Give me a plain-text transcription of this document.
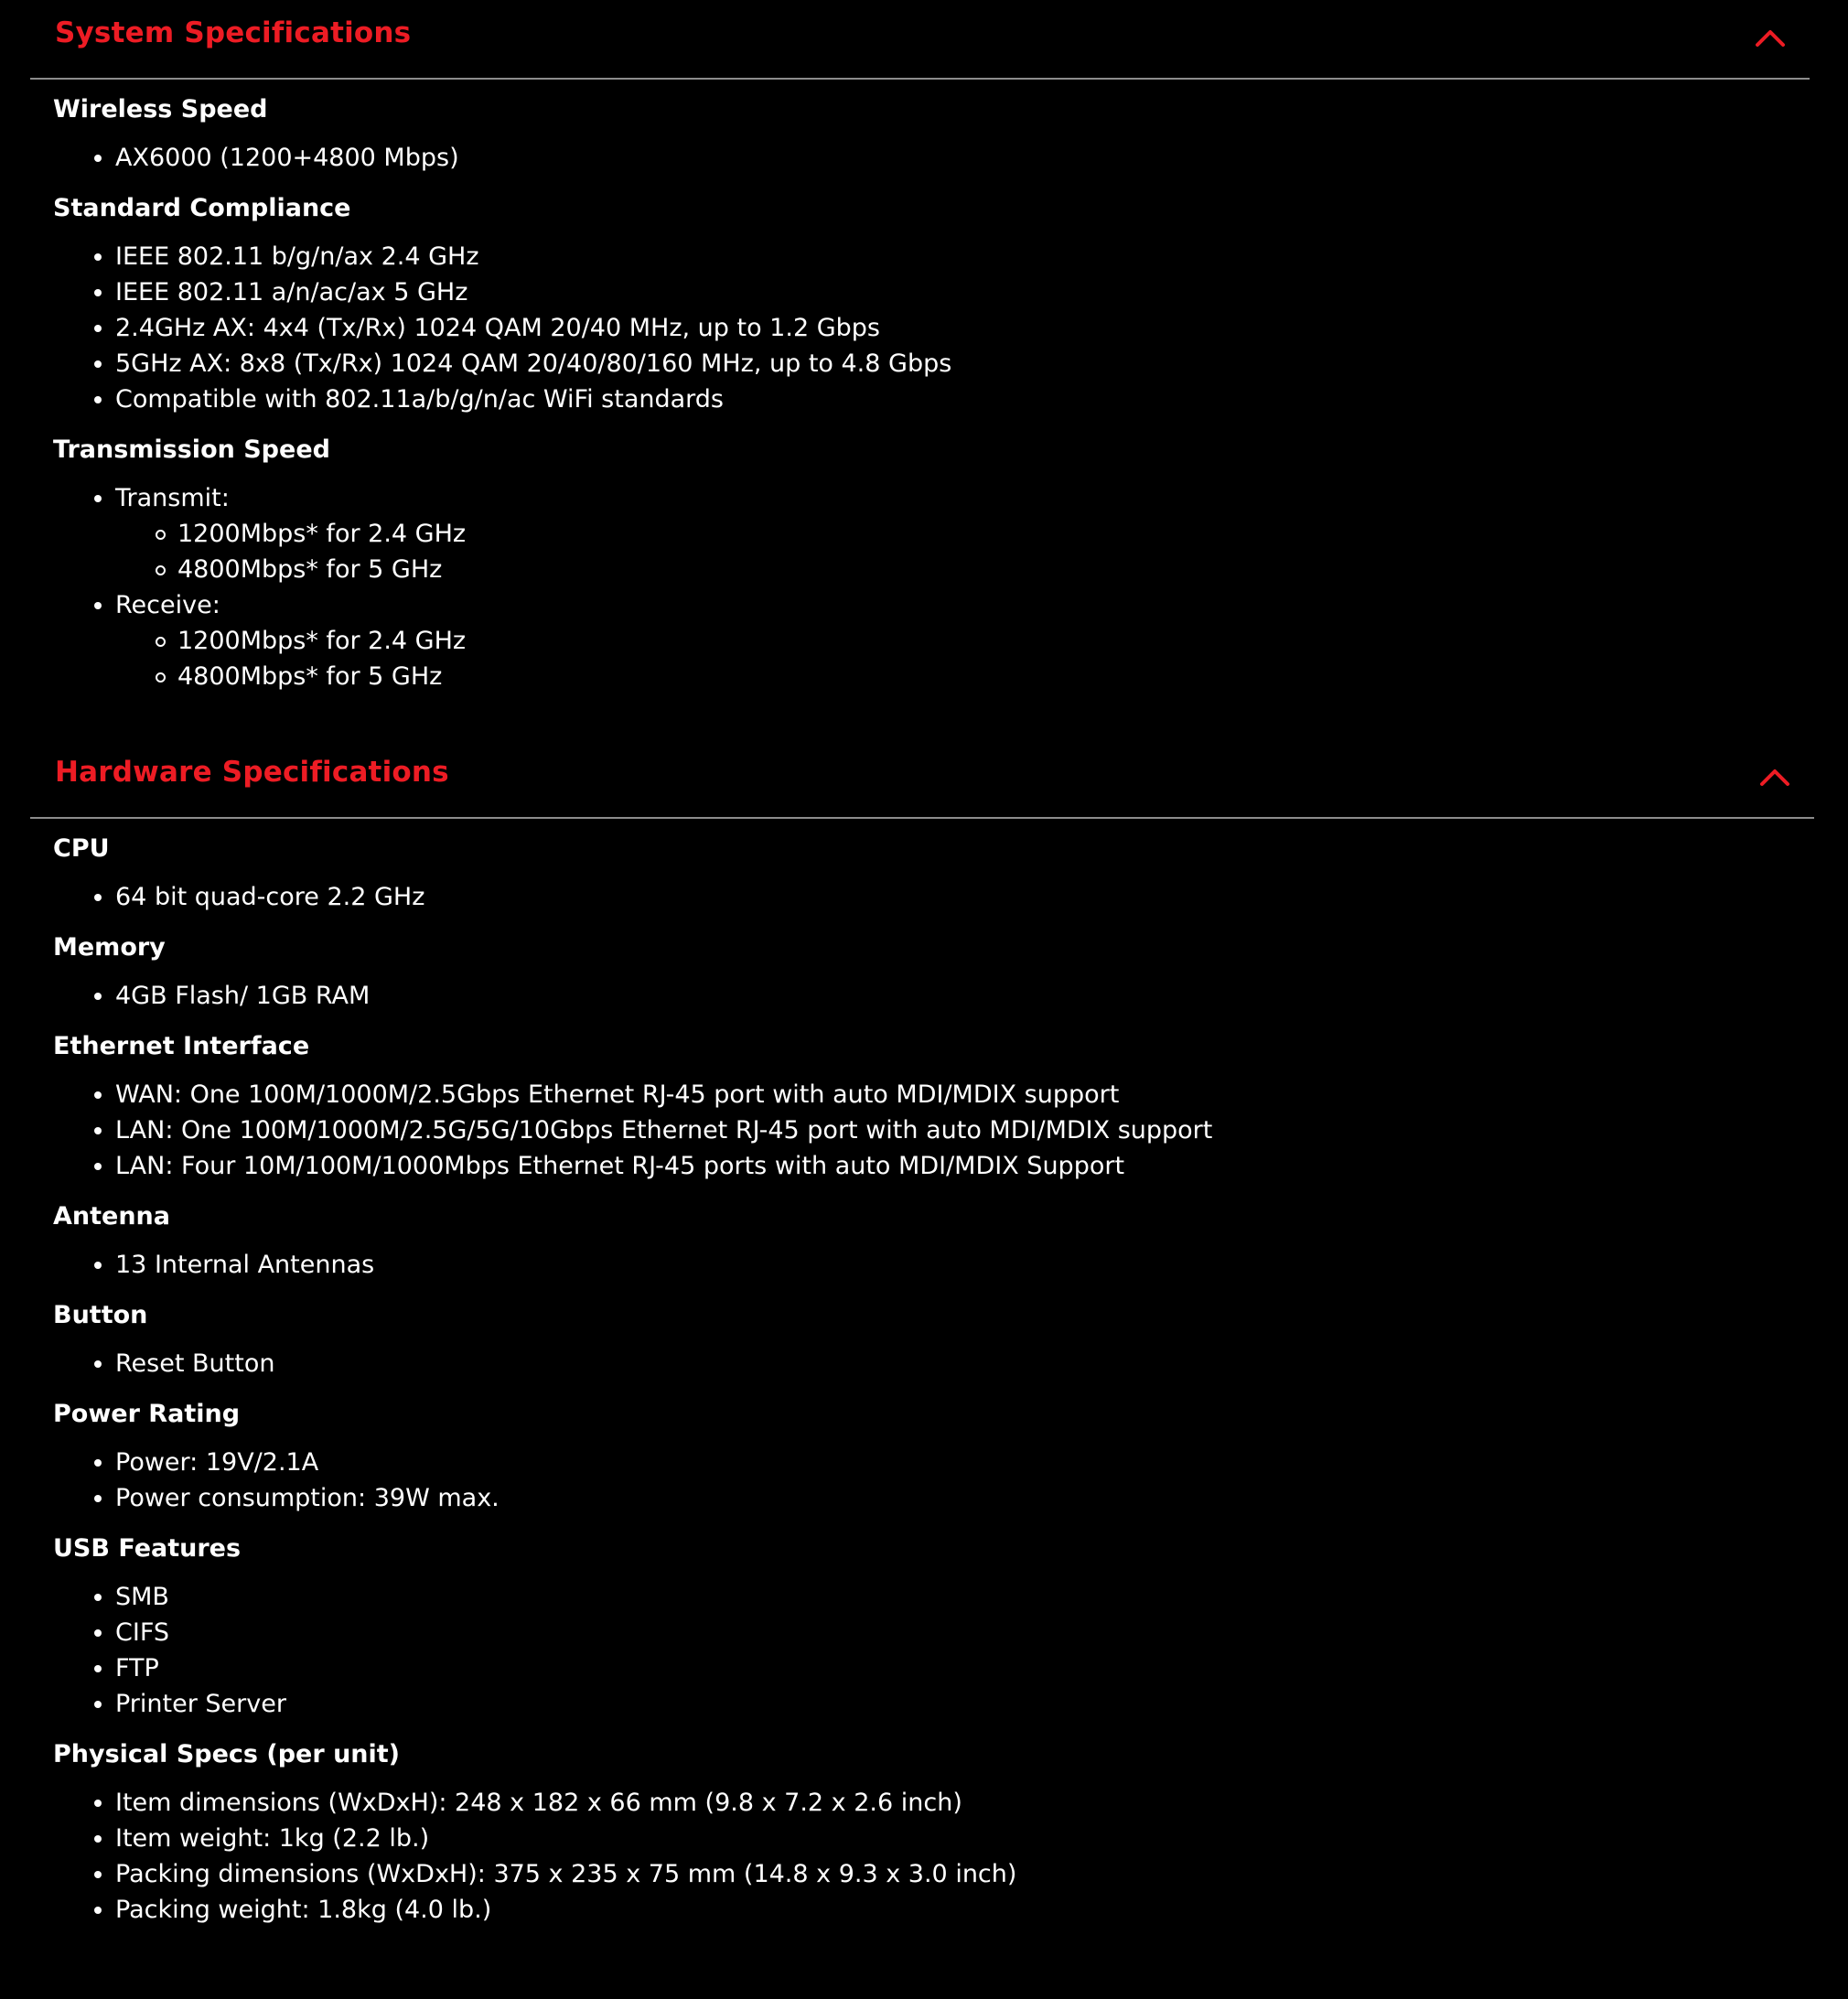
System Specifications
Wireless Speed
AX6000 (1200+4800 Mbps)
Standard Compliance
IEEE 802.11 b/g/n/ax 2.4 GHz
IEEE 802.11 a/n/ac/ax 5 GHz
2.4GHz AX: 4x4 (Tx/Rx) 1024 QAM 20/40 MHz, up to 1.2 Gbps
5GHz AX: 8x8 (Tx/Rx) 1024 QAM 20/40/80/160 MHz, up to 4.8 Gbps
Compatible with 802.11a/b/g/n/ac WiFi standards
Transmission Speed
Transmit:
1200Mbps* for 2.4 GHz
4800Mbps* for 5 GHz
Receive:
1200Mbps* for 2.4 GHz
4800Mbps* for 5 GHz
Hardware Specifications
CPU
64 bit quad-core 2.2 GHz
Memory
4GB Flash/ 1GB RAM
Ethernet Interface
WAN: One 100M/1000M/2.5Gbps Ethernet RJ-45 port with auto MDI/MDIX support
LAN: One 100M/1000M/2.5G/5G/10Gbps Ethernet RJ-45 port with auto MDI/MDIX support
LAN: Four 10M/100M/1000Mbps Ethernet RJ-45 ports with auto MDI/MDIX Support
Antenna
13 Internal Antennas
Button
Reset Button
Power Rating
Power: 19V/2.1A
Power consumption: 39W max.
USB Features
SMB
CIFS
FTP
Printer Server
Physical Specs (per unit)
Item dimensions (WxDxH): 248 x 182 x 66 mm (9.8 x 7.2 x 2.6 inch)
Item weight: 1kg (2.2 lb.)
Packing dimensions (WxDxH): 375 x 235 x 75 mm (14.8 x 9.3 x 3.0 inch)
Packing weight: 1.8kg (4.0 lb.)
